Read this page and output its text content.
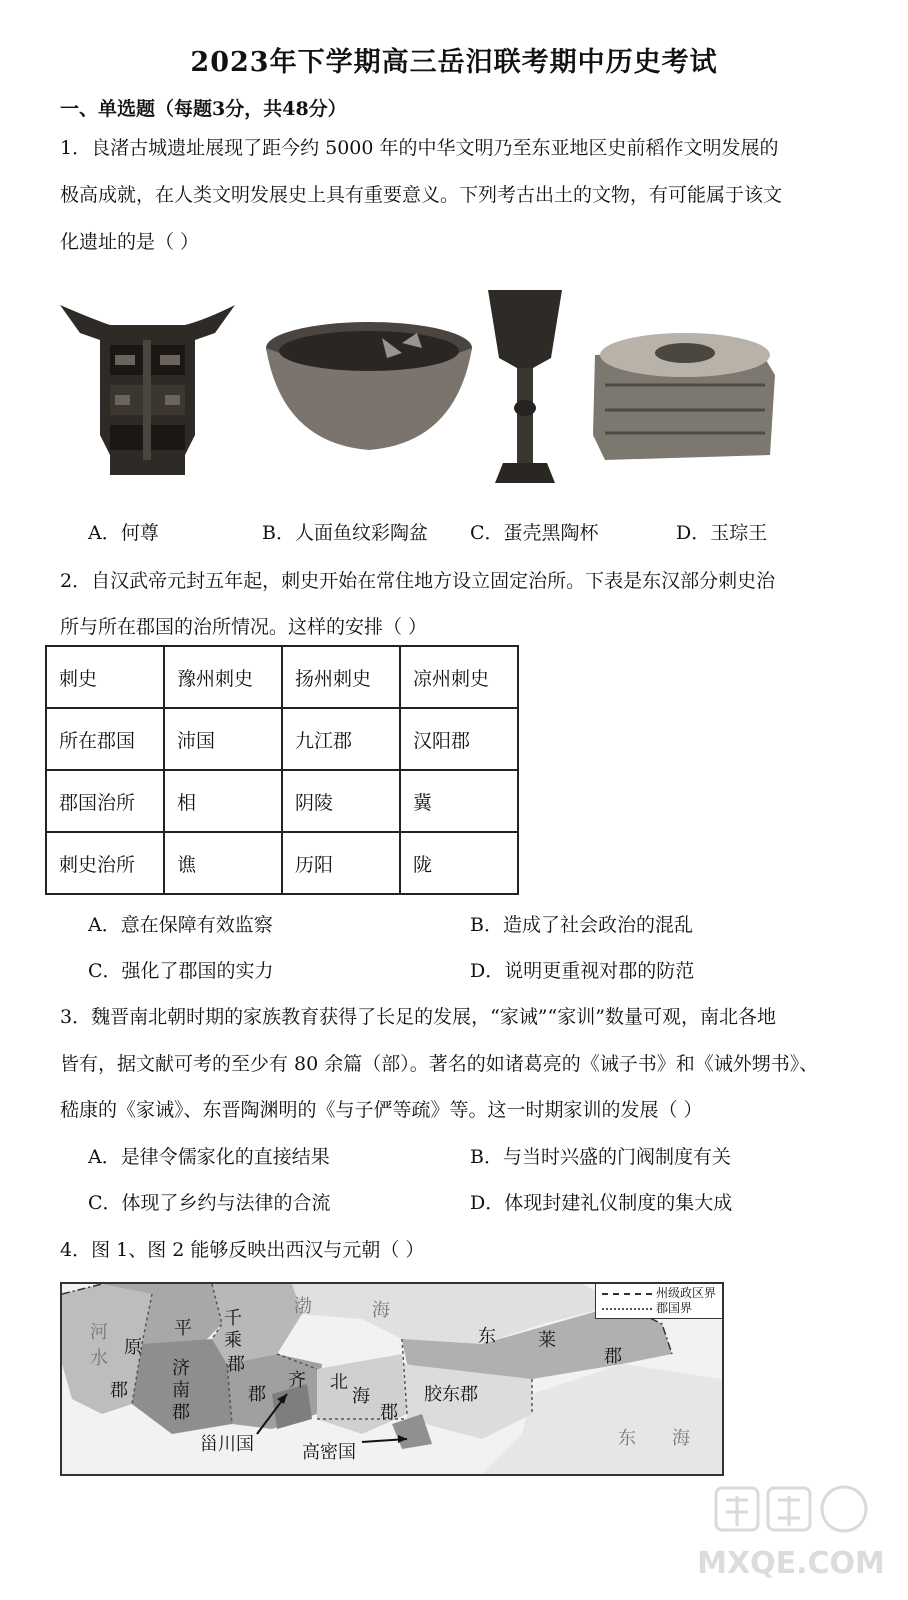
2023年下学期高三岳汨联考期中历史考试
一、单选题（每题3分，共48分）
1．良渚古城遗址展现了距今约 5000 年的中华文明乃至东亚地区史前稻作文明发展的
极高成就，在人类文明发展史上具有重要意义。下列考古出土的文物，有可能属于该文
化遗址的是（ ）
A．何尊	B．人面鱼纹彩陶盆 C．蛋壳黑陶杯	D．玉琮王
2．自汉武帝元封五年起，刺史开始在常住地方设立固定治所。下表是东汉部分刺史治
所与所在郡国的治所情况。这样的安排（ ）
刺史	豫州刺史	扬州刺史	凉州刺史
所在郡国	沛国	九江郡	汉阳郡
郡国治所	相	阴陵	冀
刺史治所	谯	历阳	陇
A．意在保障有效监察	B．造成了社会政治的混乱
C．强化了郡国的实力	D．说明更重视对郡的防范
3．魏晋南北朝时期的家族教育获得了长足的发展，“家诫”“家训”数量可观，南北各地
皆有，据文献可考的至少有 80 余篇（部）。著名的如诸葛亮的《诫子书》和《诫外甥书》、
嵇康的《家诫》、东晋陶渊明的《与子俨等疏》等。这一时期家训的发展（ ）
A．是律令儒家化的直接结果	B．与当时兴盛的门阀制度有关
C．体现了乡约与法律的合流	D．体现封建礼仪制度的集大成
4．图 1、图 2 能够反映出西汉与元朝（ ）
州级政区界
郡国界
河
水
郡
原
平 千
乘
郡
济
南
郡
齐
郡
渤	海
东 莱
郡
北
海
郡
胶东郡
东 海
甾川国	高密国
MXQE.COM
